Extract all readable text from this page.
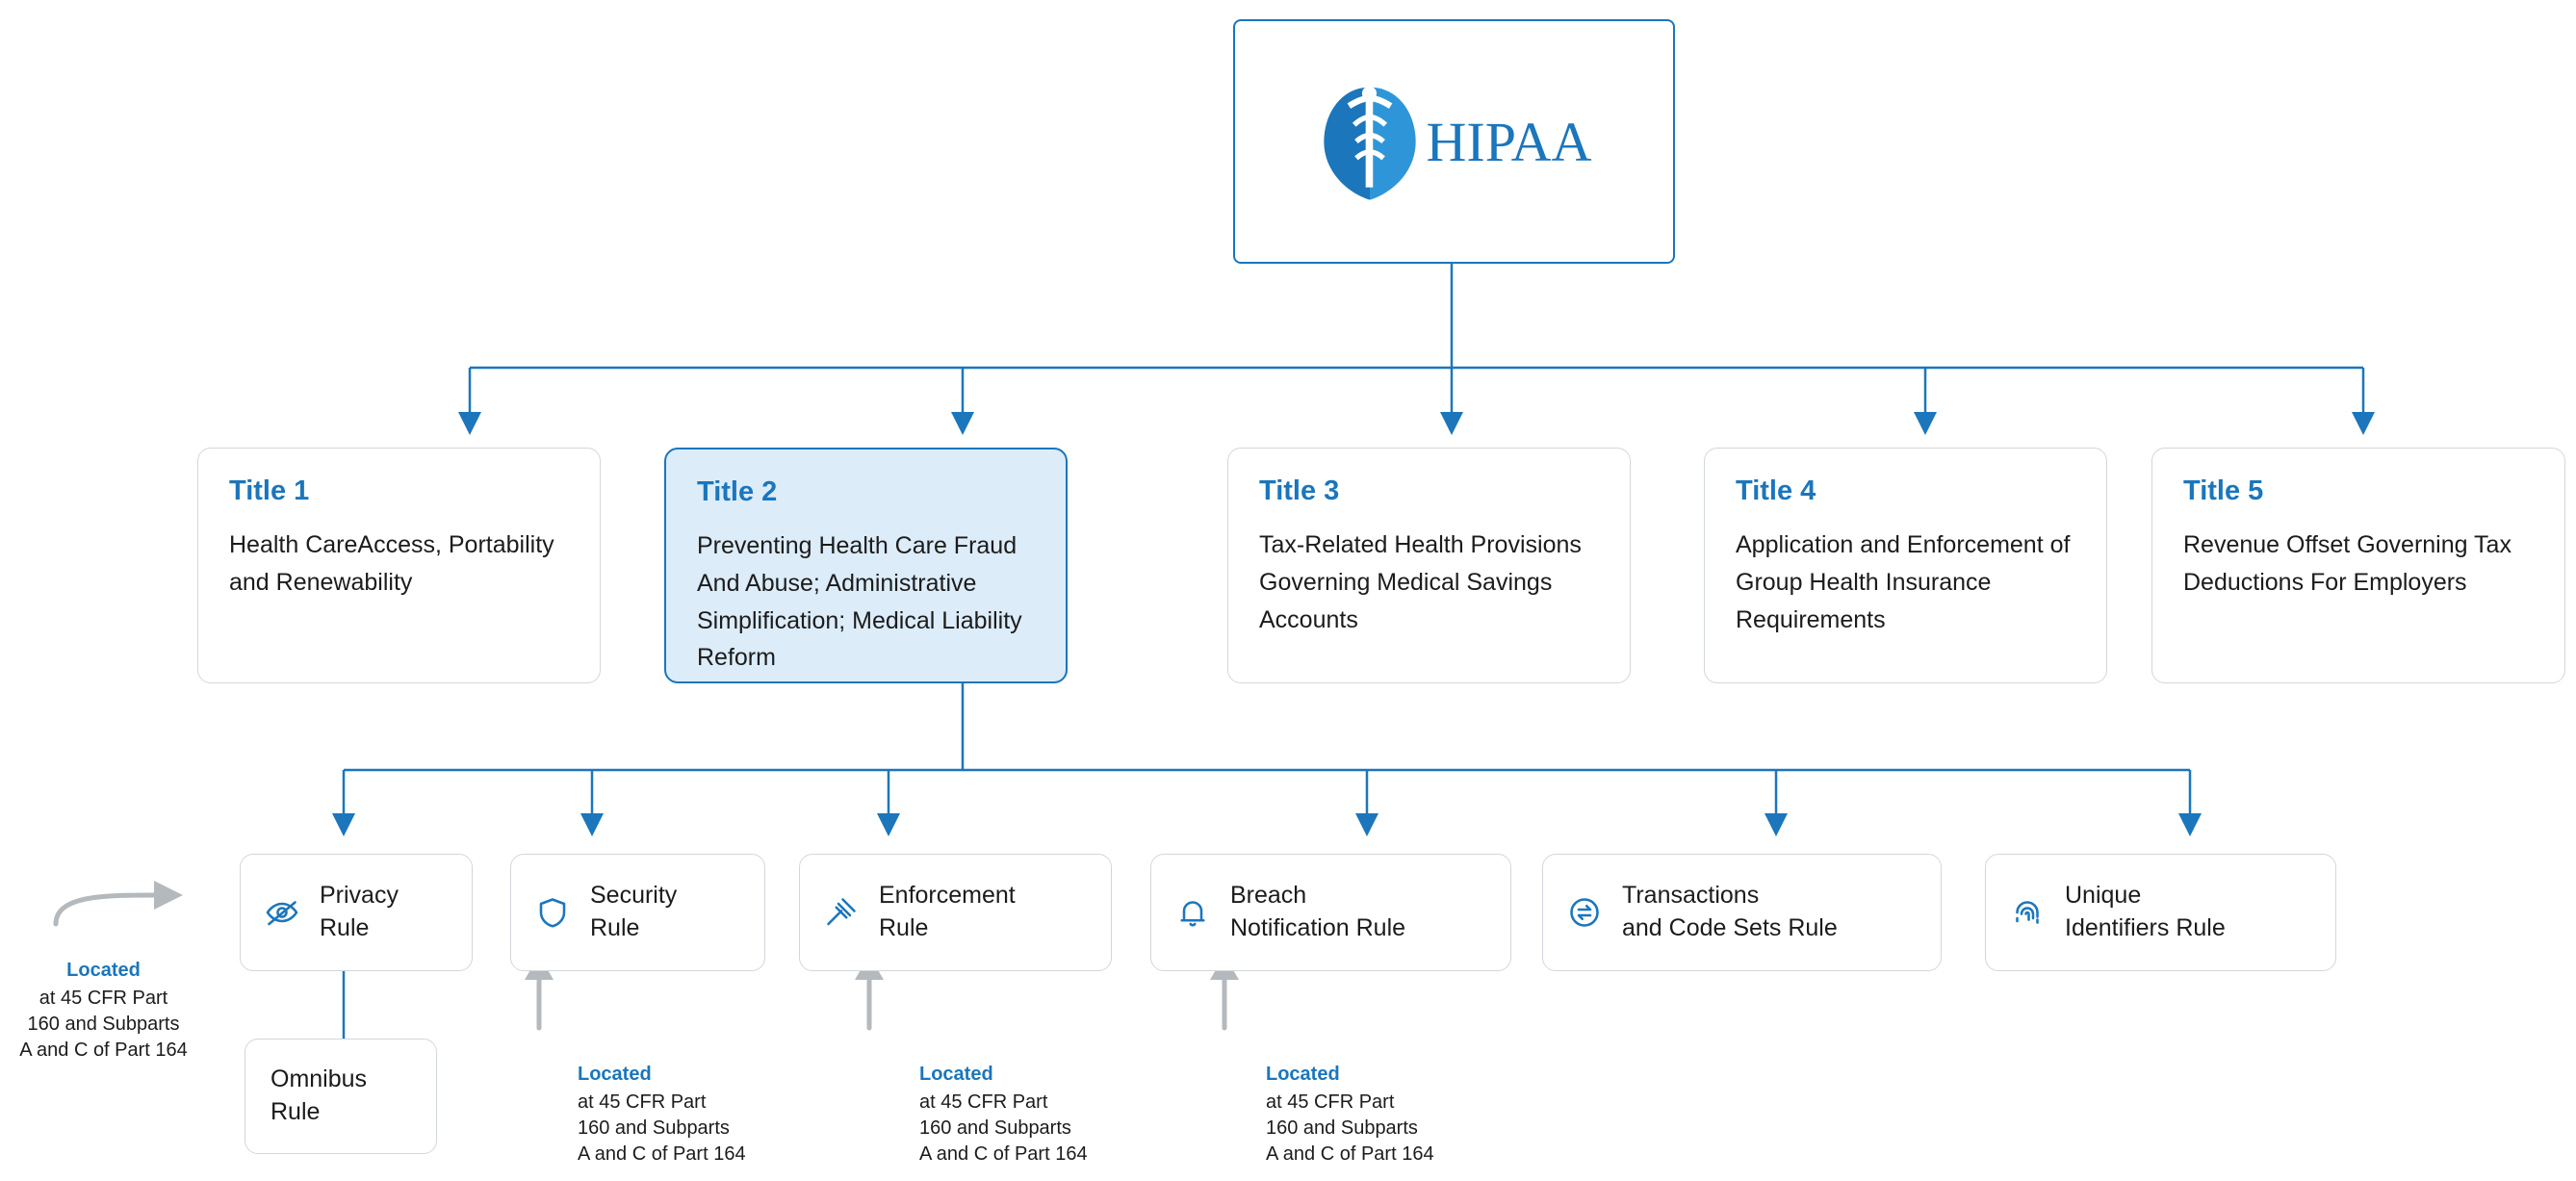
HIPAA
Title 1
Health CareAccess, Portability and Renewability
Title 2
Preventing Health Care Fraud And Abuse; Administrative Simplification; Medical Liability Reform
Title 3
Tax-Related Health Provisions Governing Medical Savings Accounts
Title 4
Application and Enforcement of Group Health Insurance Requirements
Title 5
Revenue Offset Governing Tax Deductions For Employers
Privacy
Rule
Security
Rule
Enforcement
Rule
Breach
Notification Rule
Transactions
and Code Sets Rule
Unique
Identifiers Rule
Omnibus
Rule
Located
at 45 CFR Part
160 and Subparts
A and C of Part 164
Located
at 45 CFR Part
160 and Subparts
A and C of Part 164
Located
at 45 CFR Part
160 and Subparts
A and C of Part 164
Located
at 45 CFR Part
160 and Subparts
A and C of Part 164
